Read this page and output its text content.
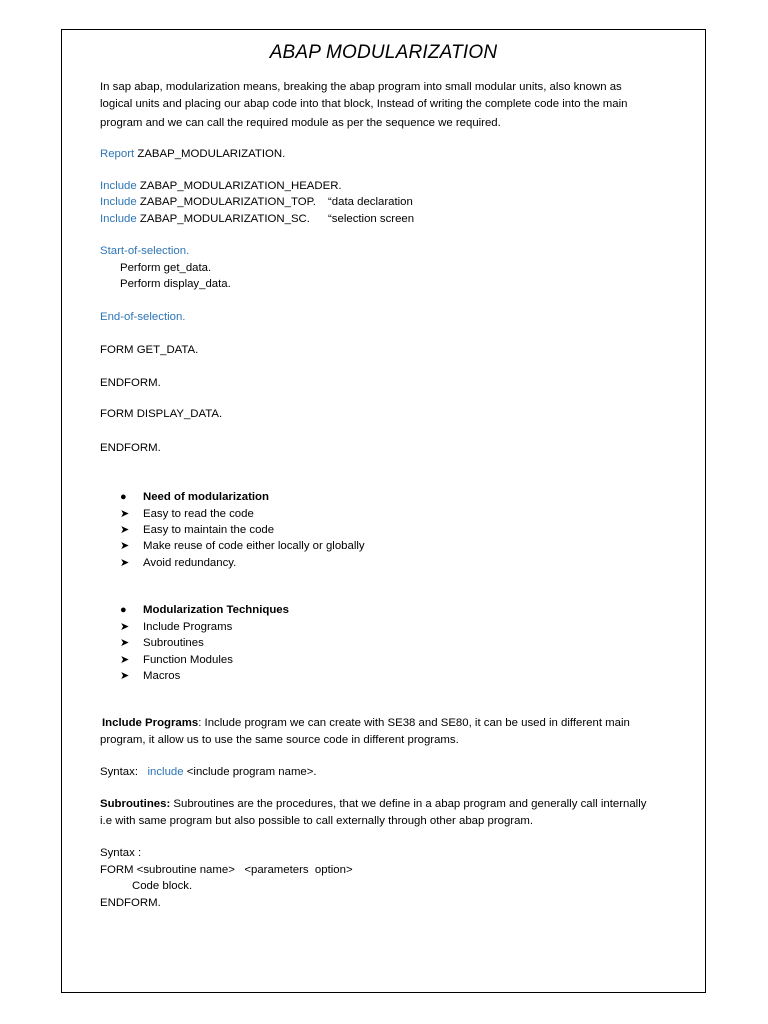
ABAP MODULARIZATION
In sap abap, modularization means, breaking the abap program into small modular units, also known as
logical units and placing our abap code into that block, Instead of writing the complete code into the main
program and we can call the required module as per the sequence we required.
Report ZABAP_MODULARIZATION.
Include ZABAP_MODULARIZATION_HEADER.
Include ZABAP_MODULARIZATION_TOP. “data declaration
Include ZABAP_MODULARIZATION_SC. “selection screen
Start-of-selection.
Perform get_data.
Perform display_data.
End-of-selection.
FORM GET_DATA.
ENDFORM.
FORM DISPLAY_DATA.
ENDFORM.
● Need of modularization
➤ Easy to read the code
➤ Easy to maintain the code
➤ Make reuse of code either locally or globally
➤ Avoid redundancy.
● Modularization Techniques
➤ Include Programs
➤ Subroutines
➤ Function Modules
➤ Macros
Include Programs: Include program we can create with SE38 and SE80, it can be used in different main
program, it allow us to use the same source code in different programs.
Syntax: include <include program name>.
Subroutines: Subroutines are the procedures, that we define in a abap program and generally call internally
i.e with same program but also possible to call externally through other abap program.
Syntax :
FORM <subroutine name>   <parameters  option>
Code block.
ENDFORM.
